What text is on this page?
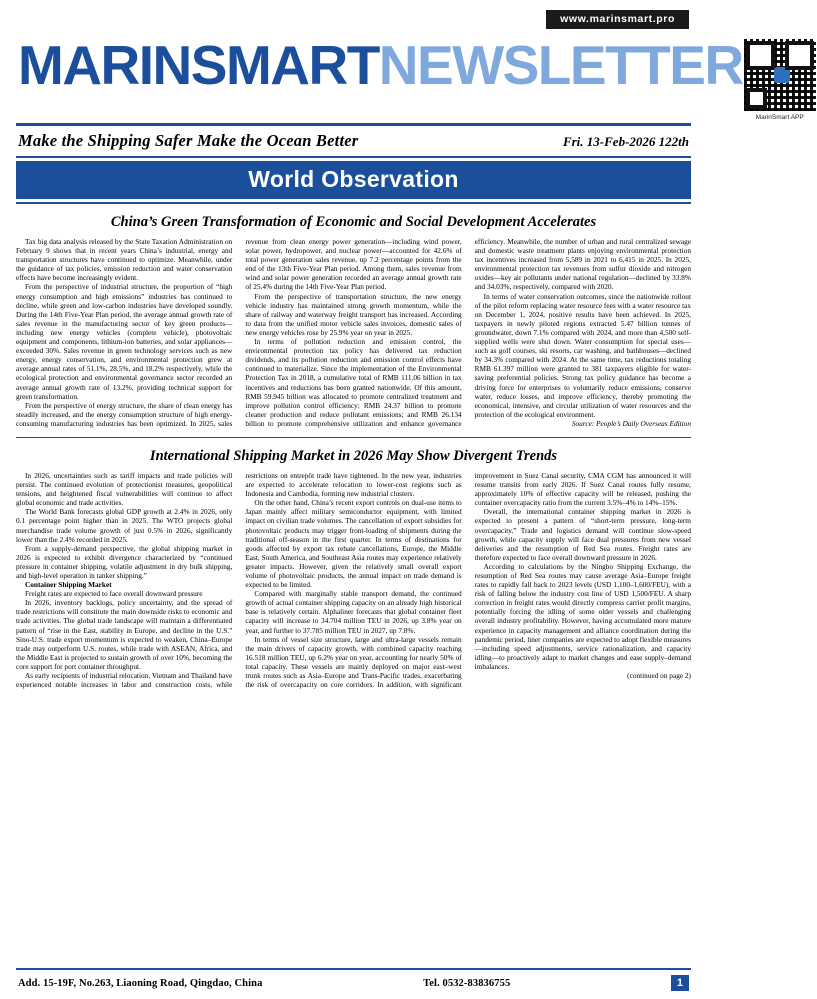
www.marinsmart.pro
MARINSMARTNEWSLETTER
MarinSmart APP
Make the Shipping Safer Make the Ocean Better	Fri. 13-Feb-2026 122th
World Observation
China’s Green Transformation of Economic and Social Development Accelerates

Tax big data analysis released by the State Taxation Administration on February 9 shows that in recent years China’s industrial, energy and transportation structures have continued to optimize. Meanwhile, under the guidance of tax policies, emission reduction and water conservation effects have become increasingly evident.

From the perspective of industrial structure, the proportion of “high energy consumption and high emissions” industries has continued to decline, while green and low-carbon industries have developed soundly. During the 14th Five-Year Plan period, the average annual growth rate of sales revenue in the manufacturing sector of key green products—including new energy vehicles (complete vehicle), photovoltaic equipment and components, lithium-ion batteries, and solar appliances—exceeded 30%. Sales revenue in green technology services such as new energy, energy conservation, and environmental protection grew at average annual rates of 51.1%, 28.5%, and 18.2% respectively, while the ecological protection and environmental governance sector recorded an average annual growth rate of 13.2%, providing technical support for green transformation.

From the perspective of energy structure, the share of clean energy has steadily increased, and the energy consumption structure of high energy-consuming manufacturing industries has been optimized. In 2025, sales revenue from clean energy power generation—including wind power, solar power, hydropower, and nuclear power—accounted for 42.6% of total power generation sales revenue, up 7.2 percentage points from the end of the 13th Five-Year Plan period. Among them, sales revenue from wind and solar power generation recorded an average annual growth rate of 25.4% during the 14th Five-Year Plan period.

From the perspective of transportation structure, the new energy vehicle industry has maintained strong growth momentum, while the share of railway and waterway freight transport has increased. According to data from the unified motor vehicle sales invoices, domestic sales of new energy vehicles rose by 25.9% year on year in 2025.

In terms of pollution reduction and emission control, the environmental protection tax policy has delivered tax reduction dividends, and its pollution reduction and emission control effects have continued to materialize. Since the implementation of the Environmental Protection Tax in 2018, a cumulative total of RMB 111.06 billion in tax incentives and reductions has been granted nationwide. Of this amount, RMB 59.945 billion was allocated to promote centralized treatment and improve pollution control efficiency; RMB 24.37 billion to promote cleaner production and reduce pollutant emissions; and RMB 26.134 billion to promote comprehensive utilization and enhance governance efficiency. Meanwhile, the number of urban and rural centralized sewage and domestic waste treatment plants enjoying environmental protection tax incentives increased from 5,589 in 2021 to 6,415 in 2025. In 2025, environmental protection tax revenues from sulfur dioxide and nitrogen oxides—key air pollutants under national regulation—declined by 33.8% and 34.03%, respectively, compared with 2020.

In terms of water conservation outcomes, since the nationwide rollout of the pilot reform replacing water resource fees with a water resource tax on December 1, 2024, positive results have been achieved. In 2025, taxpayers in newly piloted regions extracted 5.47 billion tonnes of groundwater, down 7.1% compared with 2024, and more than 4,500 self-supplied wells were shut down. Water consumption for special uses—such as golf courses, ski resorts, car washing, and bathhouses—declined by 34.3% compared with 2024. At the same time, tax reductions totaling RMB 61.397 million were granted to 381 taxpayers eligible for water-saving preferential policies. Strong tax policy guidance has become a driving force for enterprises to voluntarily reduce emissions, conserve water, reduce losses, and improve efficiency, thereby promoting the economical, intensive, and circular utilization of water resources and the protection of the ecological environment.

Source: People’s Daily Overseas Edition

International Shipping Market in 2026 May Show Divergent Trends

In 2026, uncertainties such as tariff impacts and trade policies will persist. The continued evolution of protectionist measures, geopolitical tensions, and heightened fiscal vulnerabilities will continue to affect global economic and trade activities.

The World Bank forecasts global GDP growth at 2.4% in 2026, only 0.1 percentage point higher than in 2025. The WTO projects global merchandise trade volume growth of just 0.5% in 2026, significantly lower than the 2.4% recorded in 2025.

From a supply-demand perspective, the global shipping market in 2026 is expected to exhibit divergence characterized by “continued pressure in container shipping, volatile adjustment in dry bulk shipping, and high-level operation in tanker shipping.”

Container Shipping Market

Freight rates are expected to face overall downward pressure

In 2026, inventory backlogs, policy uncertainty, and the spread of trade restrictions will constitute the main downside risks to economic and trade activities. The global trade landscape will maintain a differentiated pattern of “rise in the East, stability in Europe, and decline in the U.S.” Sino-U.S. trade export momentum is expected to weaken, China–Europe trade may outperform U.S. routes, while trade with ASEAN, Africa, and the Middle East is projected to sustain growth of over 10%, becoming the core support for port container throughput.

As early recipients of industrial relocation, Vietnam and Thailand have experienced notable increases in labor and construction costs, while restrictions on entrepôt trade have tightened. In the new year, industries are expected to accelerate relocation to lower-cost regions such as Indonesia and Cambodia, forming new industrial clusters.

On the other hand, China’s recent export controls on dual-use items to Japan mainly affect military semiconductor equipment, with limited impact on civilian trade volumes. The cancellation of export subsidies for photovoltaic products may trigger front-loading of shipments during the traditional off-season in the first quarter. In terms of destinations for goods affected by export tax rebate cancellations, Europe, the Middle East, South America, and Southeast Asia routes may experience relatively greater impacts. However, given the relatively small overall export volume of photovoltaic products, the annual impact on trade demand is expected to be limited.

Compared with marginally stable transport demand, the continued growth of actual container shipping capacity on an already high historical base is relatively certain. Alphaliner forecasts that global container fleet capacity will increase to 34.704 million TEU in 2026, up 3.8% year on year, and further to 37.785 million TEU in 2027, up 7.8%.

In terms of vessel size structure, large and ultra-large vessels remain the main drivers of capacity growth, with combined capacity reaching 16.518 million TEU, up 6.2% year on year, accounting for nearly 50% of total capacity. These vessels are mainly deployed on major east–west trunk routes such as Asia–Europe and Trans-Pacific trades, exacerbating the risk of overcapacity on core corridors. In addition, with significant improvement in Suez Canal security, CMA CGM has announced it will resume transits from early 2026. If Suez Canal routes fully resume, approximately 10% of effective capacity will be released, pushing the container overcapacity ratio from the current 3.5%–4% to 14%–15%.

Overall, the international container shipping market in 2026 is expected to present a pattern of “short-term pressure, long-term overcapacity.” Trade and logistics demand will continue slow-speed growth, while capacity supply will face dual pressures from new vessel deliveries and the resumption of Red Sea routes. Freight rates are therefore expected to face overall downward pressure in 2026.

According to calculations by the Ningbo Shipping Exchange, the resumption of Red Sea routes may cause average Asia–Europe freight rates to rapidly fall back to 2023 levels (USD 1,100–1,600/FEU), with a risk of falling below the industry cost line of USD 1,500/FEU. A sharp correction in freight rates would directly compress carrier profit margins, potentially forcing the idling of some older vessels and challenging overall industry profitability. However, having accumulated more mature experience in capacity management and alliance coordination during the pandemic period, liner companies are expected to adopt flexible measures—including speed adjustments, service rationalization, and capacity idling—to proactively adapt to market changes and ease supply–demand imbalances.

(continued on page 2)

Add. 15-19F, No.263, Liaoning Road, Qingdao, China	Tel. 0532-83836755	1
